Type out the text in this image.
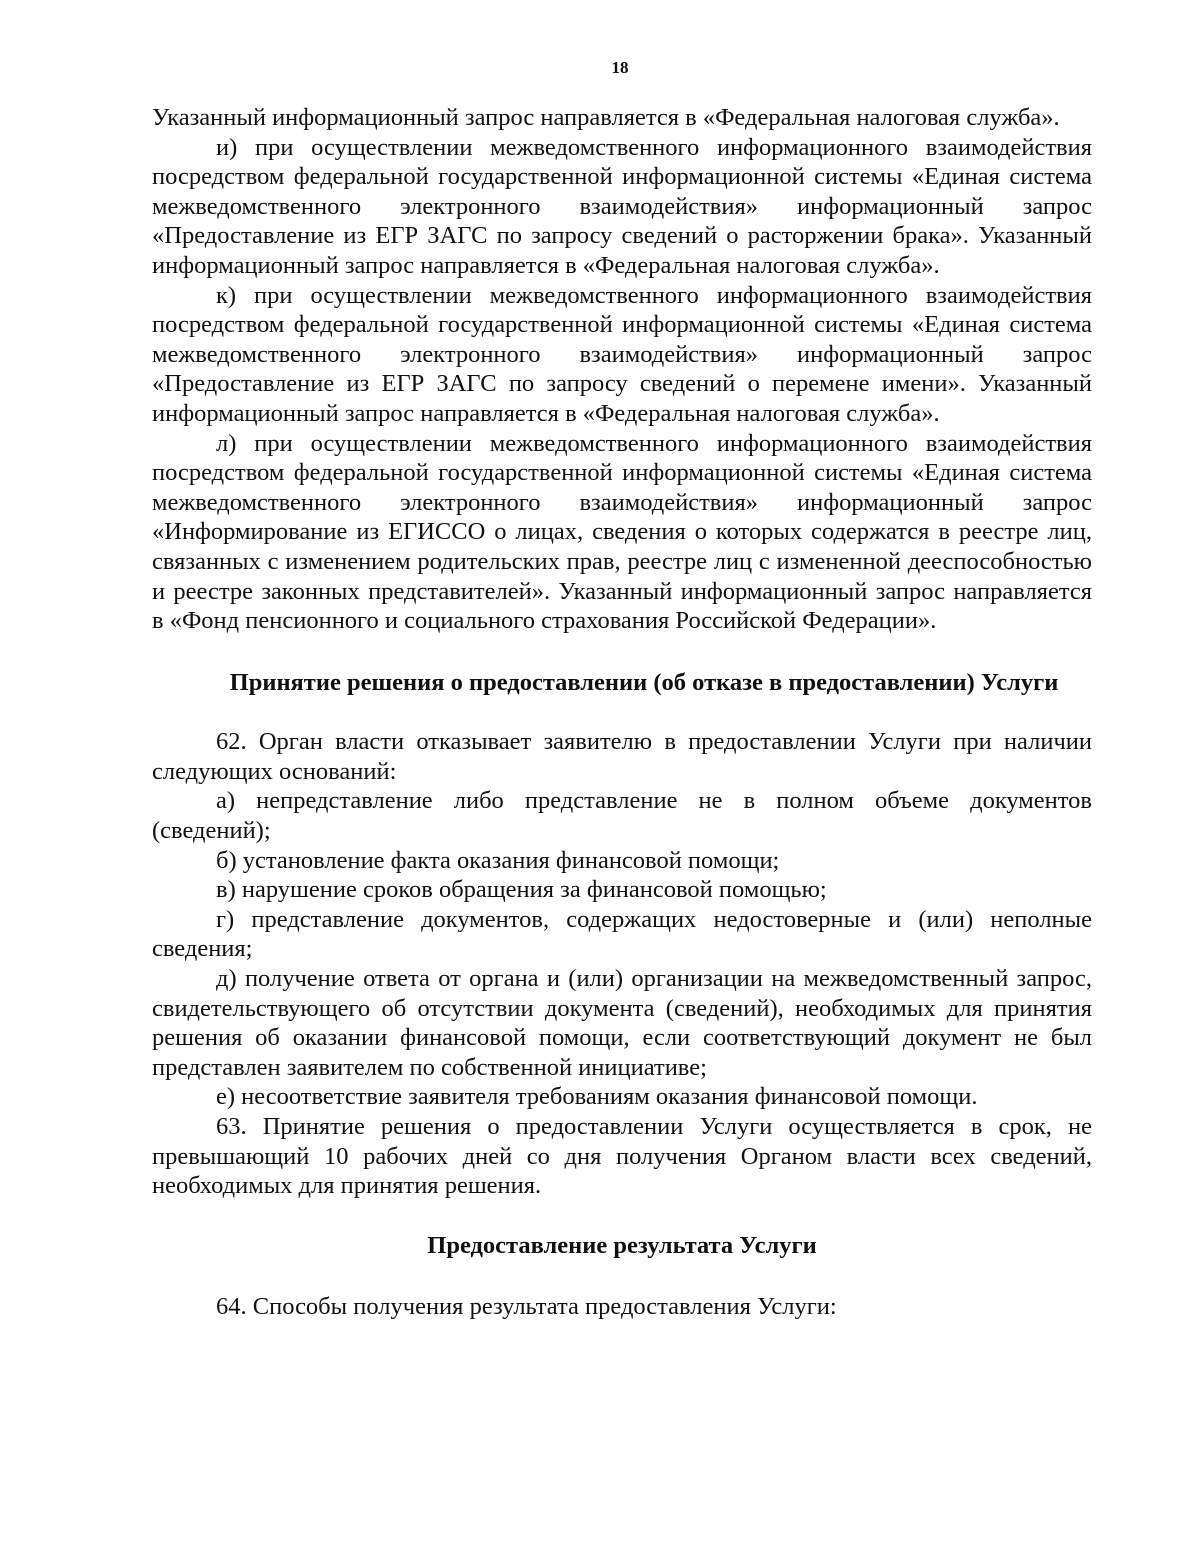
18

Указанный информационный запрос направляется в «Федеральная налоговая служба».

и) при осуществлении межведомственного информационного взаимодействия посредством федеральной государственной информационной системы «Единая система межведомственного электронного взаимодействия» информационный запрос «Предоставление из ЕГР ЗАГС по запросу сведений о расторжении брака». Указанный информационный запрос направляется в «Федеральная налоговая служба».

к) при осуществлении межведомственного информационного взаимодействия посредством федеральной государственной информационной системы «Единая система межведомственного электронного взаимодействия» информационный запрос «Предоставление из ЕГР ЗАГС по запросу сведений о перемене имени». Указанный информационный запрос направляется в «Федеральная налоговая служба».

л) при осуществлении межведомственного информационного взаимодействия посредством федеральной государственной информационной системы «Единая система межведомственного электронного взаимодействия» информационный запрос «Информирование из ЕГИССО о лицах, сведения о которых содержатся в реестре лиц, связанных с изменением родительских прав, реестре лиц с измененной дееспособностью и реестре законных представителей». Указанный информационный запрос направляется в «Фонд пенсионного и социального страхования Российской Федерации».

Принятие решения о предоставлении (об отказе в предоставлении) Услуги

62. Орган власти отказывает заявителю в предоставлении Услуги при наличии следующих оснований:

а) непредставление либо представление не в полном объеме документов (сведений);

б) установление факта оказания финансовой помощи;

в) нарушение сроков обращения за финансовой помощью;

г) представление документов, содержащих недостоверные и (или) неполные сведения;

д) получение ответа от органа и (или) организации на межведомственный запрос, свидетельствующего об отсутствии документа (сведений), необходимых для принятия решения об оказании финансовой помощи, если соответствующий документ не был представлен заявителем по собственной инициативе;

е) несоответствие заявителя требованиям оказания финансовой помощи.

63. Принятие решения о предоставлении Услуги осуществляется в срок, не превышающий 10 рабочих дней со дня получения Органом власти всех сведений, необходимых для принятия решения.

Предоставление результата Услуги

64. Способы получения результата предоставления Услуги:
